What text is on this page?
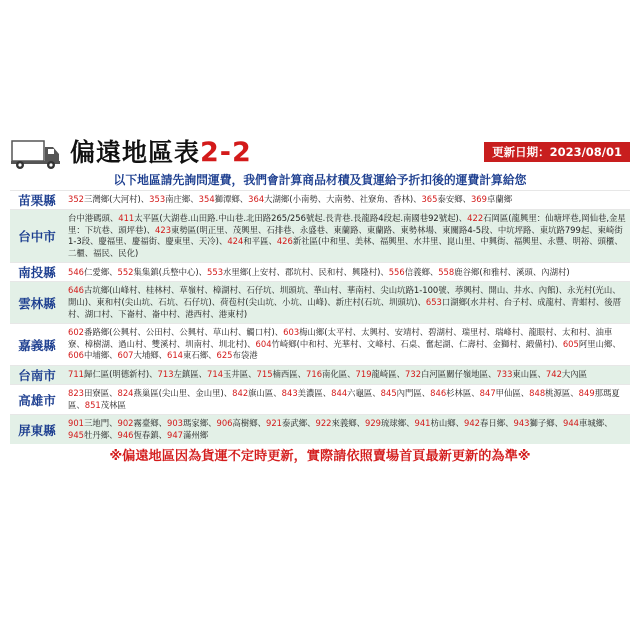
偏遠地區表2-2	更新日期：2023/08/01
以下地區請先詢問運費，我們會計算商品材積及貨運給予折扣後的運費計算給您
苗栗縣	352三灣鄉(大河村)、353南庄鄉、354獅潭鄉、364大湖鄉(小南勢、大南勢、社寮角、香林)、365泰安鄉、369卓蘭鄉
台中市	台中港碼頭、411太平區(大湖巷.山田路.中山巷.北田路265/256號起.長青巷.長龍路4段起.南國巷92號起)、422石岡區(龍興里：仙塘坪巷,岡仙巷,金星里：下坑巷、頭坪巷)、423東勢區(明正里、茂興里、石排巷、永盛巷、東蘭路、東蘭路、東勢林場、東關路4-5段、中坑坪路、東坑路799起、柬崎街1-3段、慶福里、慶福街、慶東里、天冷)、424和平區、426新社區(中和里、美林、福興里、水井里、崑山里、中興街、福興里、永豐、明裕、頭櫃、二櫃、福民、民化)
南投縣	546仁愛鄉、552集集鎮(兵整中心)、553水里鄉(上安村、郡坑村、民和村、興隆村)、556信義鄉、558鹿谷鄉(和雅村、溪頭、內湖村)
雲林縣	646古坑鄉(山峰村、桂林村、草嶺村、樟湖村、石仔坑、圳頭坑、華山村、華南村、尖山坑路1-100號、葶興村、開山、井水、內館)、永光村(光山、開山)、東和村(尖山坑、石坑、石仔坑)、荷苞村(尖山坑、小坑、山峰)、新庄村(石坑、圳頭坑)、653口湖鄉(水井村、台子村、成龍村、青蚶村、後厝村、湖口村、下崙村、崙中村、港西村、港東村)
嘉義縣	602番路鄉(公興村、公田村、公興村、草山村、觸口村)、603梅山鄉(太平村、太興村、安靖村、碧湖村、瑞里村、瑞峰村、龍眼村、太和村、油車寮、樟樹湖、過山村、雙溪村、圳南村、圳北村)、604竹崎鄉(中和村、光華村、文峰村、石桌、奮起湖、仁壽村、金獅村、緞備村)、605阿里山鄉、606中埔鄉、607大埔鄉、614東石鄉、625布袋港
台南市	711歸仁區(明德新村)、713左鎮區、714玉井區、715楠西區、716南化區、719龍崎區、732白河區關仔嶺地區、733東山區、742大內區
高雄市	823田寮區、824燕巢區(尖山里、金山里)、842旗山區、843美濃區、844六龜區、845內門區、846杉林區、847甲仙區、848桃源區、849那瑪夏區、851茂林區
屏東縣	901三地門、902霧臺鄉、903瑪家鄉、906高樹鄉、921泰武鄉、922來義鄉、929琉球鄉、941枋山鄉、942春日鄉、943獅子鄉、944車城鄉、945牡丹鄉、946恆春鎮、947滿州鄉
※偏遠地區因為貨運不定時更新，實際請依照賣場首頁最新更新的為準※
